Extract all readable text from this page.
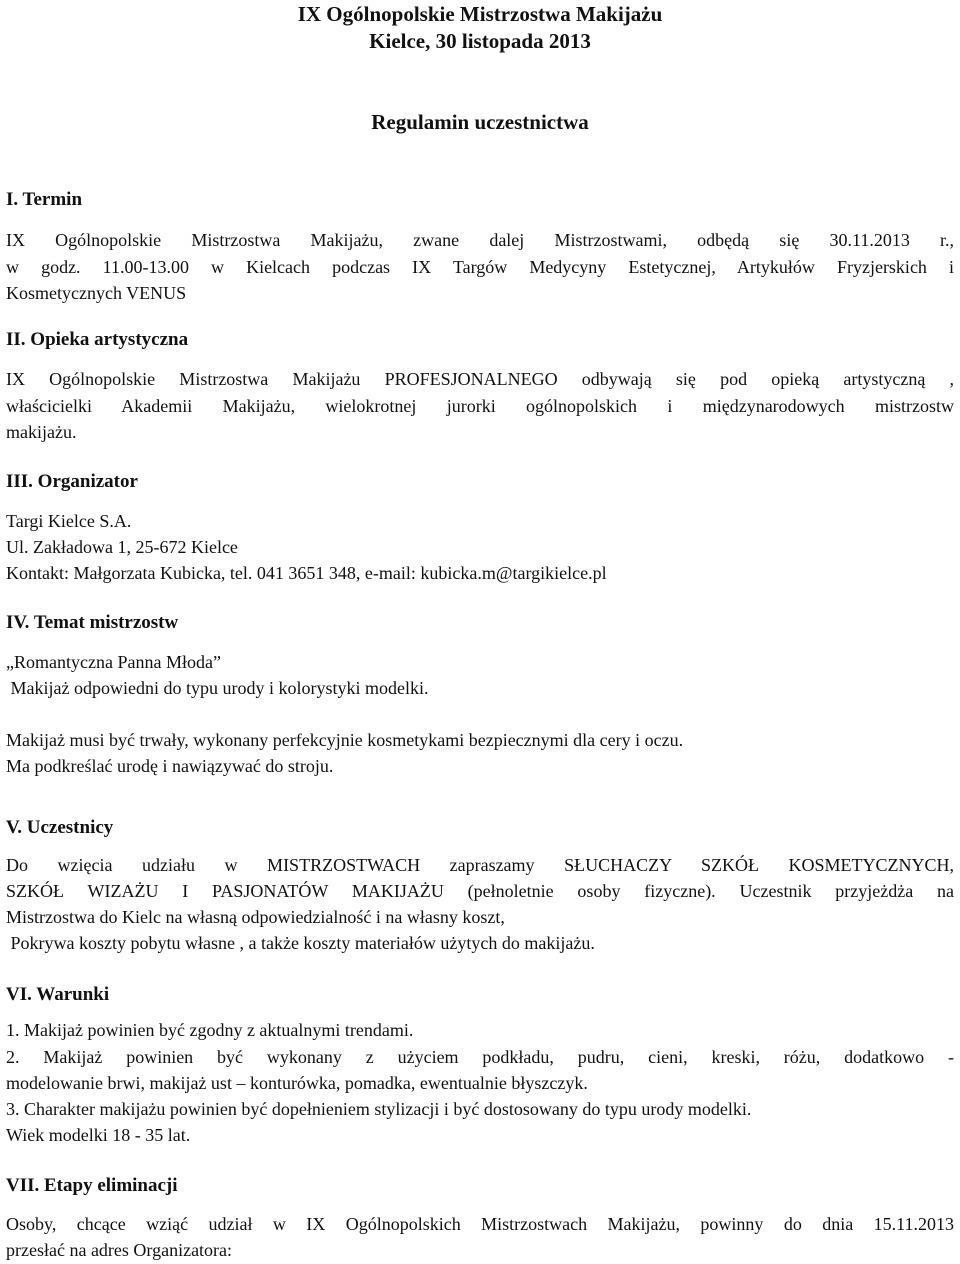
IX Ogólnopolskie Mistrzostwa Makijażu
Kielce, 30 listopada 2013
Regulamin uczestnictwa
I. Termin
IX Ogólnopolskie Mistrzostwa Makijażu, zwane dalej Mistrzostwami, odbędą się 30.11.2013 r.,
w godz. 11.00-13.00 w Kielcach podczas IX Targów Medycyny Estetycznej, Artykułów Fryzjerskich i
Kosmetycznych VENUS
II. Opieka artystyczna
IX Ogólnopolskie Mistrzostwa Makijażu PROFESJONALNEGO odbywają się pod opieką artystyczną ,
właścicielki Akademii Makijażu, wielokrotnej jurorki ogólnopolskich i międzynarodowych mistrzostw
makijażu.
III. Organizator
Targi Kielce S.A.
Ul. Zakładowa 1, 25-672 Kielce
Kontakt: Małgorzata Kubicka, tel. 041 3651 348, e-mail: kubicka.m@targikielce.pl
IV. Temat mistrzostw
„Romantyczna Panna Młoda”
Makijaż odpowiedni do typu urody i kolorystyki modelki.
Makijaż musi być trwały, wykonany perfekcyjnie kosmetykami bezpiecznymi dla cery i oczu.
Ma podkreślać urodę i nawiązywać do stroju.
V. Uczestnicy
Do wzięcia udziału w MISTRZOSTWACH zapraszamy SŁUCHACZY SZKÓŁ KOSMETYCZNYCH,
SZKÓŁ WIZAŻU I PASJONATÓW MAKIJAŻU (pełnoletnie osoby fizyczne). Uczestnik przyjeżdża na
Mistrzostwa do Kielc na własną odpowiedzialność i na własny koszt,
Pokrywa koszty pobytu własne , a także koszty materiałów użytych do makijażu.
VI. Warunki
1. Makijaż powinien być zgodny z aktualnymi trendami.
2. Makijaż powinien być wykonany z użyciem podkładu, pudru, cieni, kreski, różu, dodatkowo -
modelowanie brwi, makijaż ust – konturówka, pomadka, ewentualnie błyszczyk.
3. Charakter makijażu powinien być dopełnieniem stylizacji i być dostosowany do typu urody modelki.
Wiek modelki 18 - 35 lat.
VII. Etapy eliminacji
Osoby, chcące wziąć udział w IX Ogólnopolskich Mistrzostwach Makijażu, powinny do dnia 15.11.2013
przesłać na adres Organizatora:
